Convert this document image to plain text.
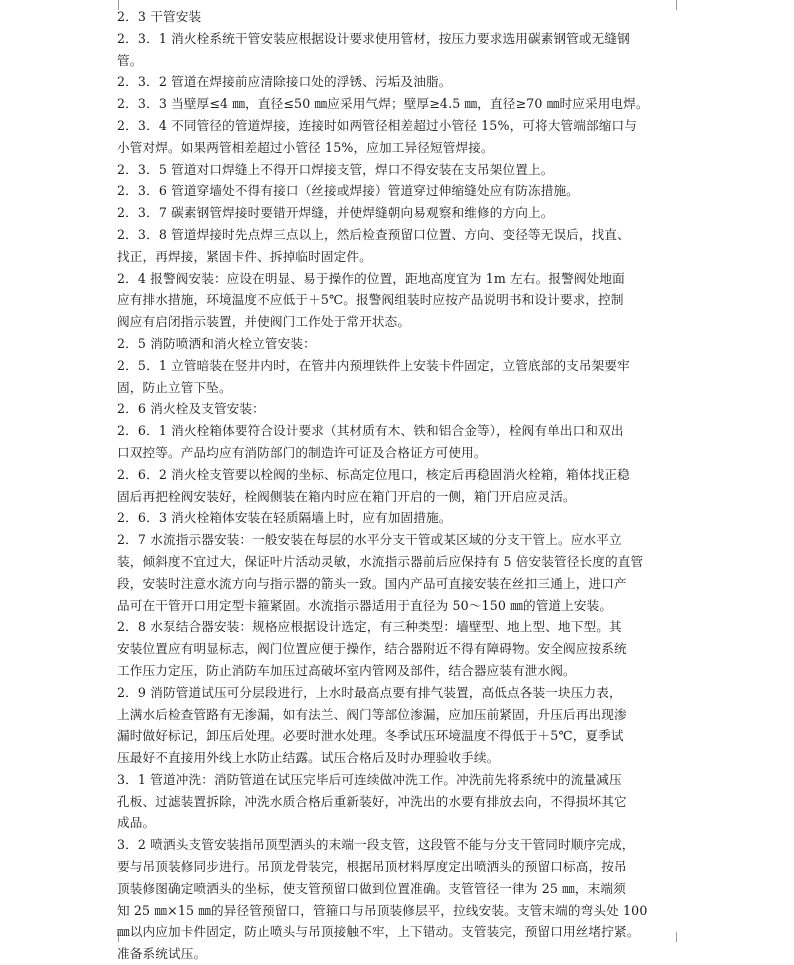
2．3 干管安装
2．3．1 消火栓系统干管安装应根据设计要求使用管材，按压力要求选用碳素钢管或无缝钢
管。
2．3．2 管道在焊接前应清除接口处的浮锈、污垢及油脂。
2．3．3 当壁厚≤4 ㎜，直径≤50 ㎜应采用气焊；壁厚≥4.5 ㎜，直径≥70 ㎜时应采用电焊。
2．3．4 不同管径的管道焊接，连接时如两管径相差超过小管径 15%，可将大管端部缩口与
小管对焊。如果两管相差超过小管径 15%，应加工异径短管焊接。
2．3．5 管道对口焊缝上不得开口焊接支管，焊口不得安装在支吊架位置上。
2．3．6 管道穿墙处不得有接口（丝接或焊接）管道穿过伸缩缝处应有防冻措施。
2．3．7 碳素钢管焊接时要错开焊缝，并使焊缝朝向易观察和维修的方向上。
2．3．8 管道焊接时先点焊三点以上，然后检查预留口位置、方向、变径等无误后，找直、
找正，再焊接，紧固卡件、拆掉临时固定件。
2．4 报警阀安装：应设在明显、易于操作的位置，距地高度宜为 1m 左右。报警阀处地面
应有排水措施，环境温度不应低于＋5℃。报警阀组装时应按产品说明书和设计要求，控制
阀应有启闭指示装置，并使阀门工作处于常开状态。
2．5 消防喷洒和消火栓立管安装：
2．5．1 立管暗装在竖井内时，在管井内预埋铁件上安装卡件固定，立管底部的支吊架要牢
固，防止立管下坠。
2．6 消火栓及支管安装：
2．6．1 消火栓箱体要符合设计要求（其材质有木、铁和铝合金等），栓阀有单出口和双出
口双控等。产品均应有消防部门的制造许可证及合格证方可使用。
2．6．2 消火栓支管要以栓阀的坐标、标高定位甩口，核定后再稳固消火栓箱，箱体找正稳
固后再把栓阀安装好，栓阀侧装在箱内时应在箱门开启的一侧，箱门开启应灵活。
2．6．3 消火栓箱体安装在轻质隔墙上时，应有加固措施。
2．7 水流指示器安装：一般安装在每层的水平分支干管或某区域的分支干管上。应水平立
装，倾斜度不宜过大，保证叶片活动灵敏，水流指示器前后应保持有 5 倍安装管径长度的直管
段，安装时注意水流方向与指示器的箭头一致。国内产品可直接安装在丝扣三通上，进口产
品可在干管开口用定型卡箍紧固。水流指示器适用于直径为 50～150 ㎜的管道上安装。
2．8 水泵结合器安装：规格应根据设计选定，有三种类型：墙壁型、地上型、地下型。其
安装位置应有明显标志，阀门位置应便于操作，结合器附近不得有障碍物。安全阀应按系统
工作压力定压，防止消防车加压过高破坏室内管网及部件，结合器应装有泄水阀。
2．9 消防管道试压可分层段进行，上水时最高点要有排气装置，高低点各装一块压力表，
上满水后检查管路有无渗漏，如有法兰、阀门等部位渗漏，应加压前紧固，升压后再出现渗
漏时做好标记，卸压后处理。必要时泄水处理。冬季试压环境温度不得低于＋5℃，夏季试
压最好不直接用外线上水防止结露。试压合格后及时办理验收手续。
3．1 管道冲洗：消防管道在试压完毕后可连续做冲洗工作。冲洗前先将系统中的流量减压
孔板、过滤装置拆除，冲洗水质合格后重新装好，冲洗出的水要有排放去向，不得损坏其它
成品。
3．2 喷洒头支管安装指吊顶型洒头的末端一段支管，这段管不能与分支干管同时顺序完成，
要与吊顶装修同步进行。吊顶龙骨装完，根据吊顶材料厚度定出喷洒头的预留口标高，按吊
顶装修图确定喷洒头的坐标，使支管预留口做到位置准确。支管管径一律为 25 ㎜，末端须
知 25 ㎜×15 ㎜的异径管预留口，管箍口与吊顶装修层平，拉线安装。支管末端的弯头处 100
㎜以内应加卡件固定，防止喷头与吊顶接触不牢，上下错动。支管装完，预留口用丝堵拧紧。
准备系统试压。
